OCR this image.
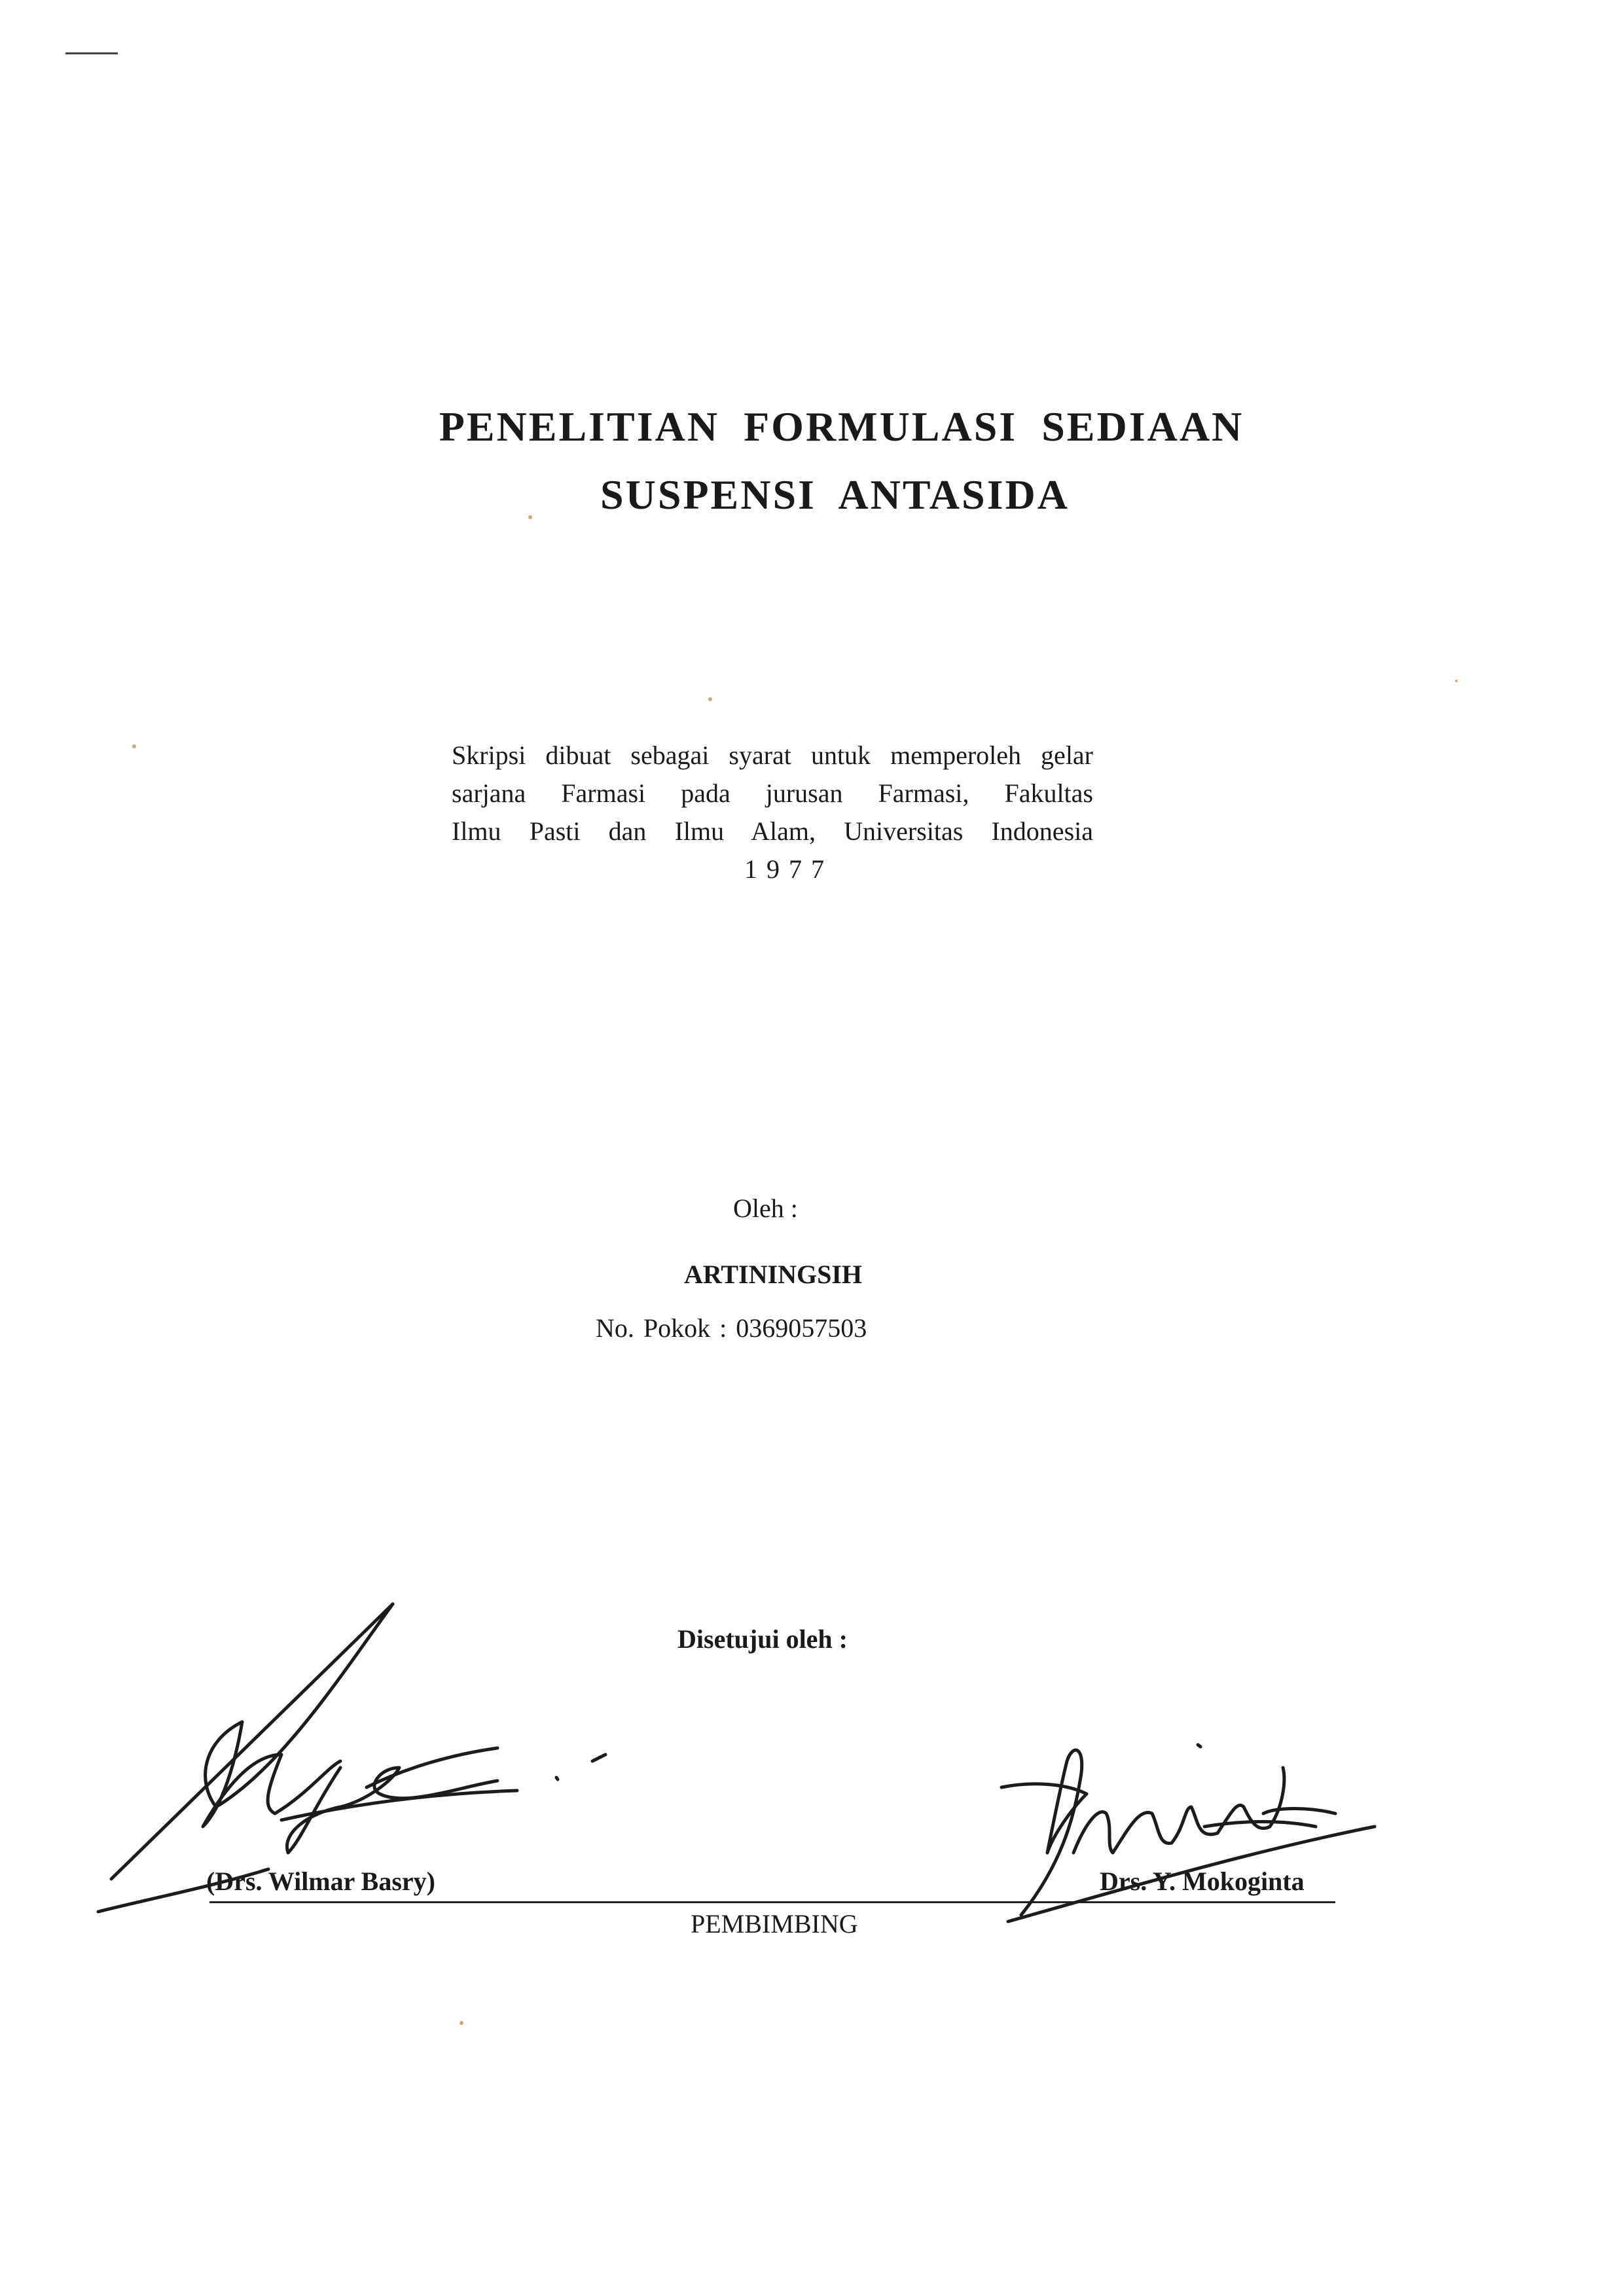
PENELITIAN FORMULASI SEDIAAN
SUSPENSI ANTASIDA
Skripsi dibuat sebagai syarat untuk memperoleh gelar
sarjana Farmasi pada jurusan Farmasi, Fakultas
Ilmu Pasti dan Ilmu Alam, Universitas Indonesia
1977
Oleh :
ARTININGSIH
No. Pokok : 0369057503
Disetujui oleh :
(Drs. Wilmar Basry)	Drs. Y. Mokoginta
PEMBIMBING
